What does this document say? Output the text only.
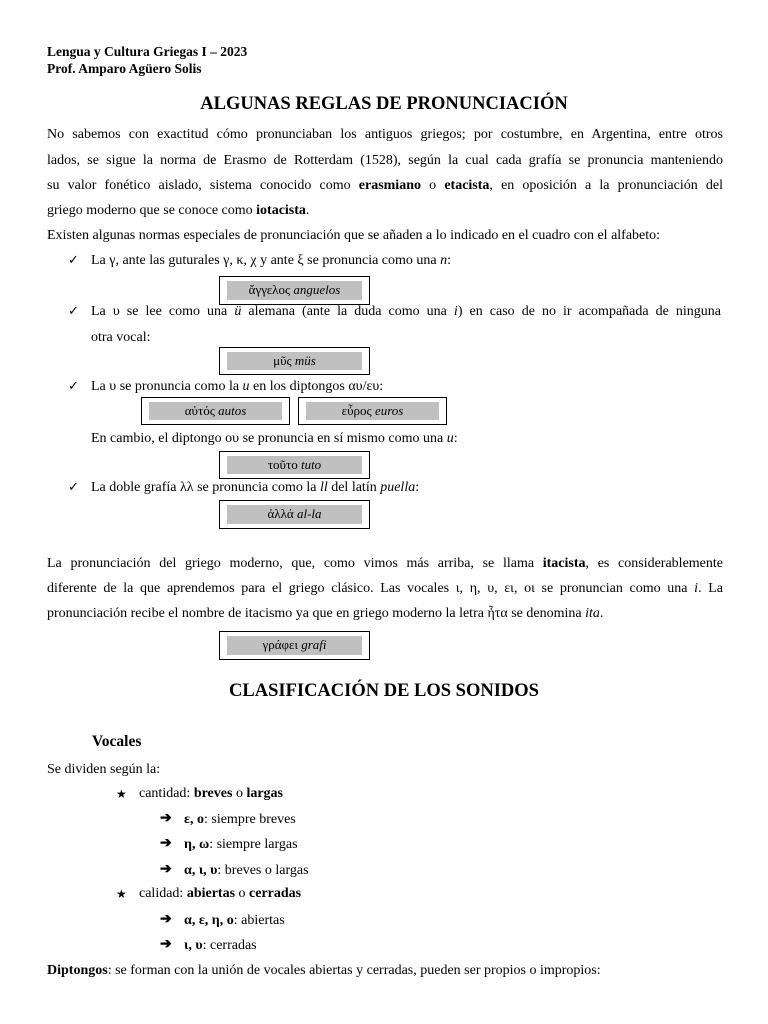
Lengua y Cultura Griegas I – 2023
Prof. Amparo Agüero Solis
ALGUNAS REGLAS DE PRONUNCIACIÓN
No sabemos con exactitud cómo pronunciaban los antiguos griegos; por costumbre, en Argentina, entre otros
lados, se sigue la norma de Erasmo de Rotterdam (1528), según la cual cada grafía se pronuncia manteniendo
su valor fonético aislado, sistema conocido como erasmiano o etacista, en oposición a la pronunciación del
griego moderno que se conoce como iotacista.
Existen algunas normas especiales de pronunciación que se añaden a lo indicado en el cuadro con el alfabeto:
✓ La γ, ante las guturales γ, κ, χ y ante ξ se pronuncia como una n:
ἄγγελος anguelos
✓ La υ se lee como una ü alemana (ante la duda como una i) en caso de no ir acompañada de ninguna
otra vocal:
μῦς müs
✓ La υ se pronuncia como la u en los diptongos αυ/ευ:
αὐτός autos	εὖρος euros
En cambio, el diptongo ου se pronuncia en sí mismo como una u:
τοῦτο tuto
✓ La doble grafía λλ se pronuncia como la ll del latín puella:
ἀλλά al-la
La pronunciación del griego moderno, que, como vimos más arriba, se llama itacista, es considerablemente
diferente de la que aprendemos para el griego clásico. Las vocales ι, η, υ, ει, οι se pronuncian como una i. La
pronunciación recibe el nombre de itacismo ya que en griego moderno la letra ἦτα se denomina ita.
γράφει grafi
CLASIFICACIÓN DE LOS SONIDOS
Vocales
Se dividen según la:
★ cantidad: breves o largas
➔ ε, ο: siempre breves
➔ η, ω: siempre largas
➔ α, ι, υ: breves o largas
★ calidad: abiertas o cerradas
➔ α, ε, η, ο: abiertas
➔ ι, υ: cerradas
Diptongos: se forman con la unión de vocales abiertas y cerradas, pueden ser propios o impropios:
